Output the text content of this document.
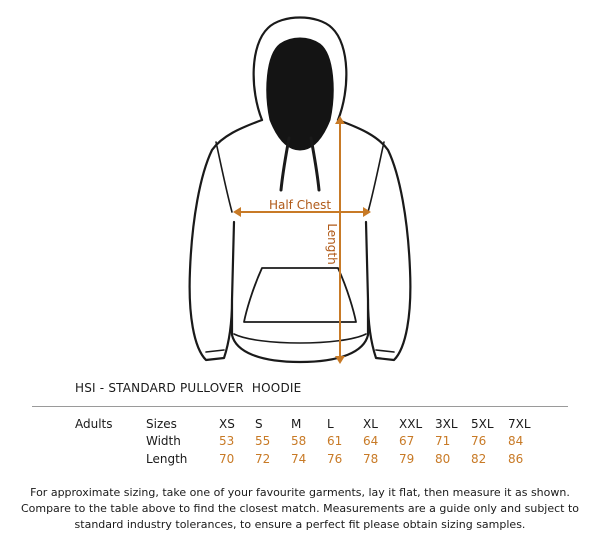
Half Chest
Length
HSI - STANDARD PULLOVER  HOODIE
Adults	Sizes
Width
Length
XS S M L XL XXL 3XL 5XL 7XL
53 55 58 61 64 67 71 76 84
70 72 74 76 78 79 80 82 86
For approximate sizing, take one of your favourite garments, lay it flat, then measure it as shown.
Compare to the table above to find the closest match. Measurements are a guide only and subject to
standard industry tolerances, to ensure a perfect fit please obtain sizing samples.
